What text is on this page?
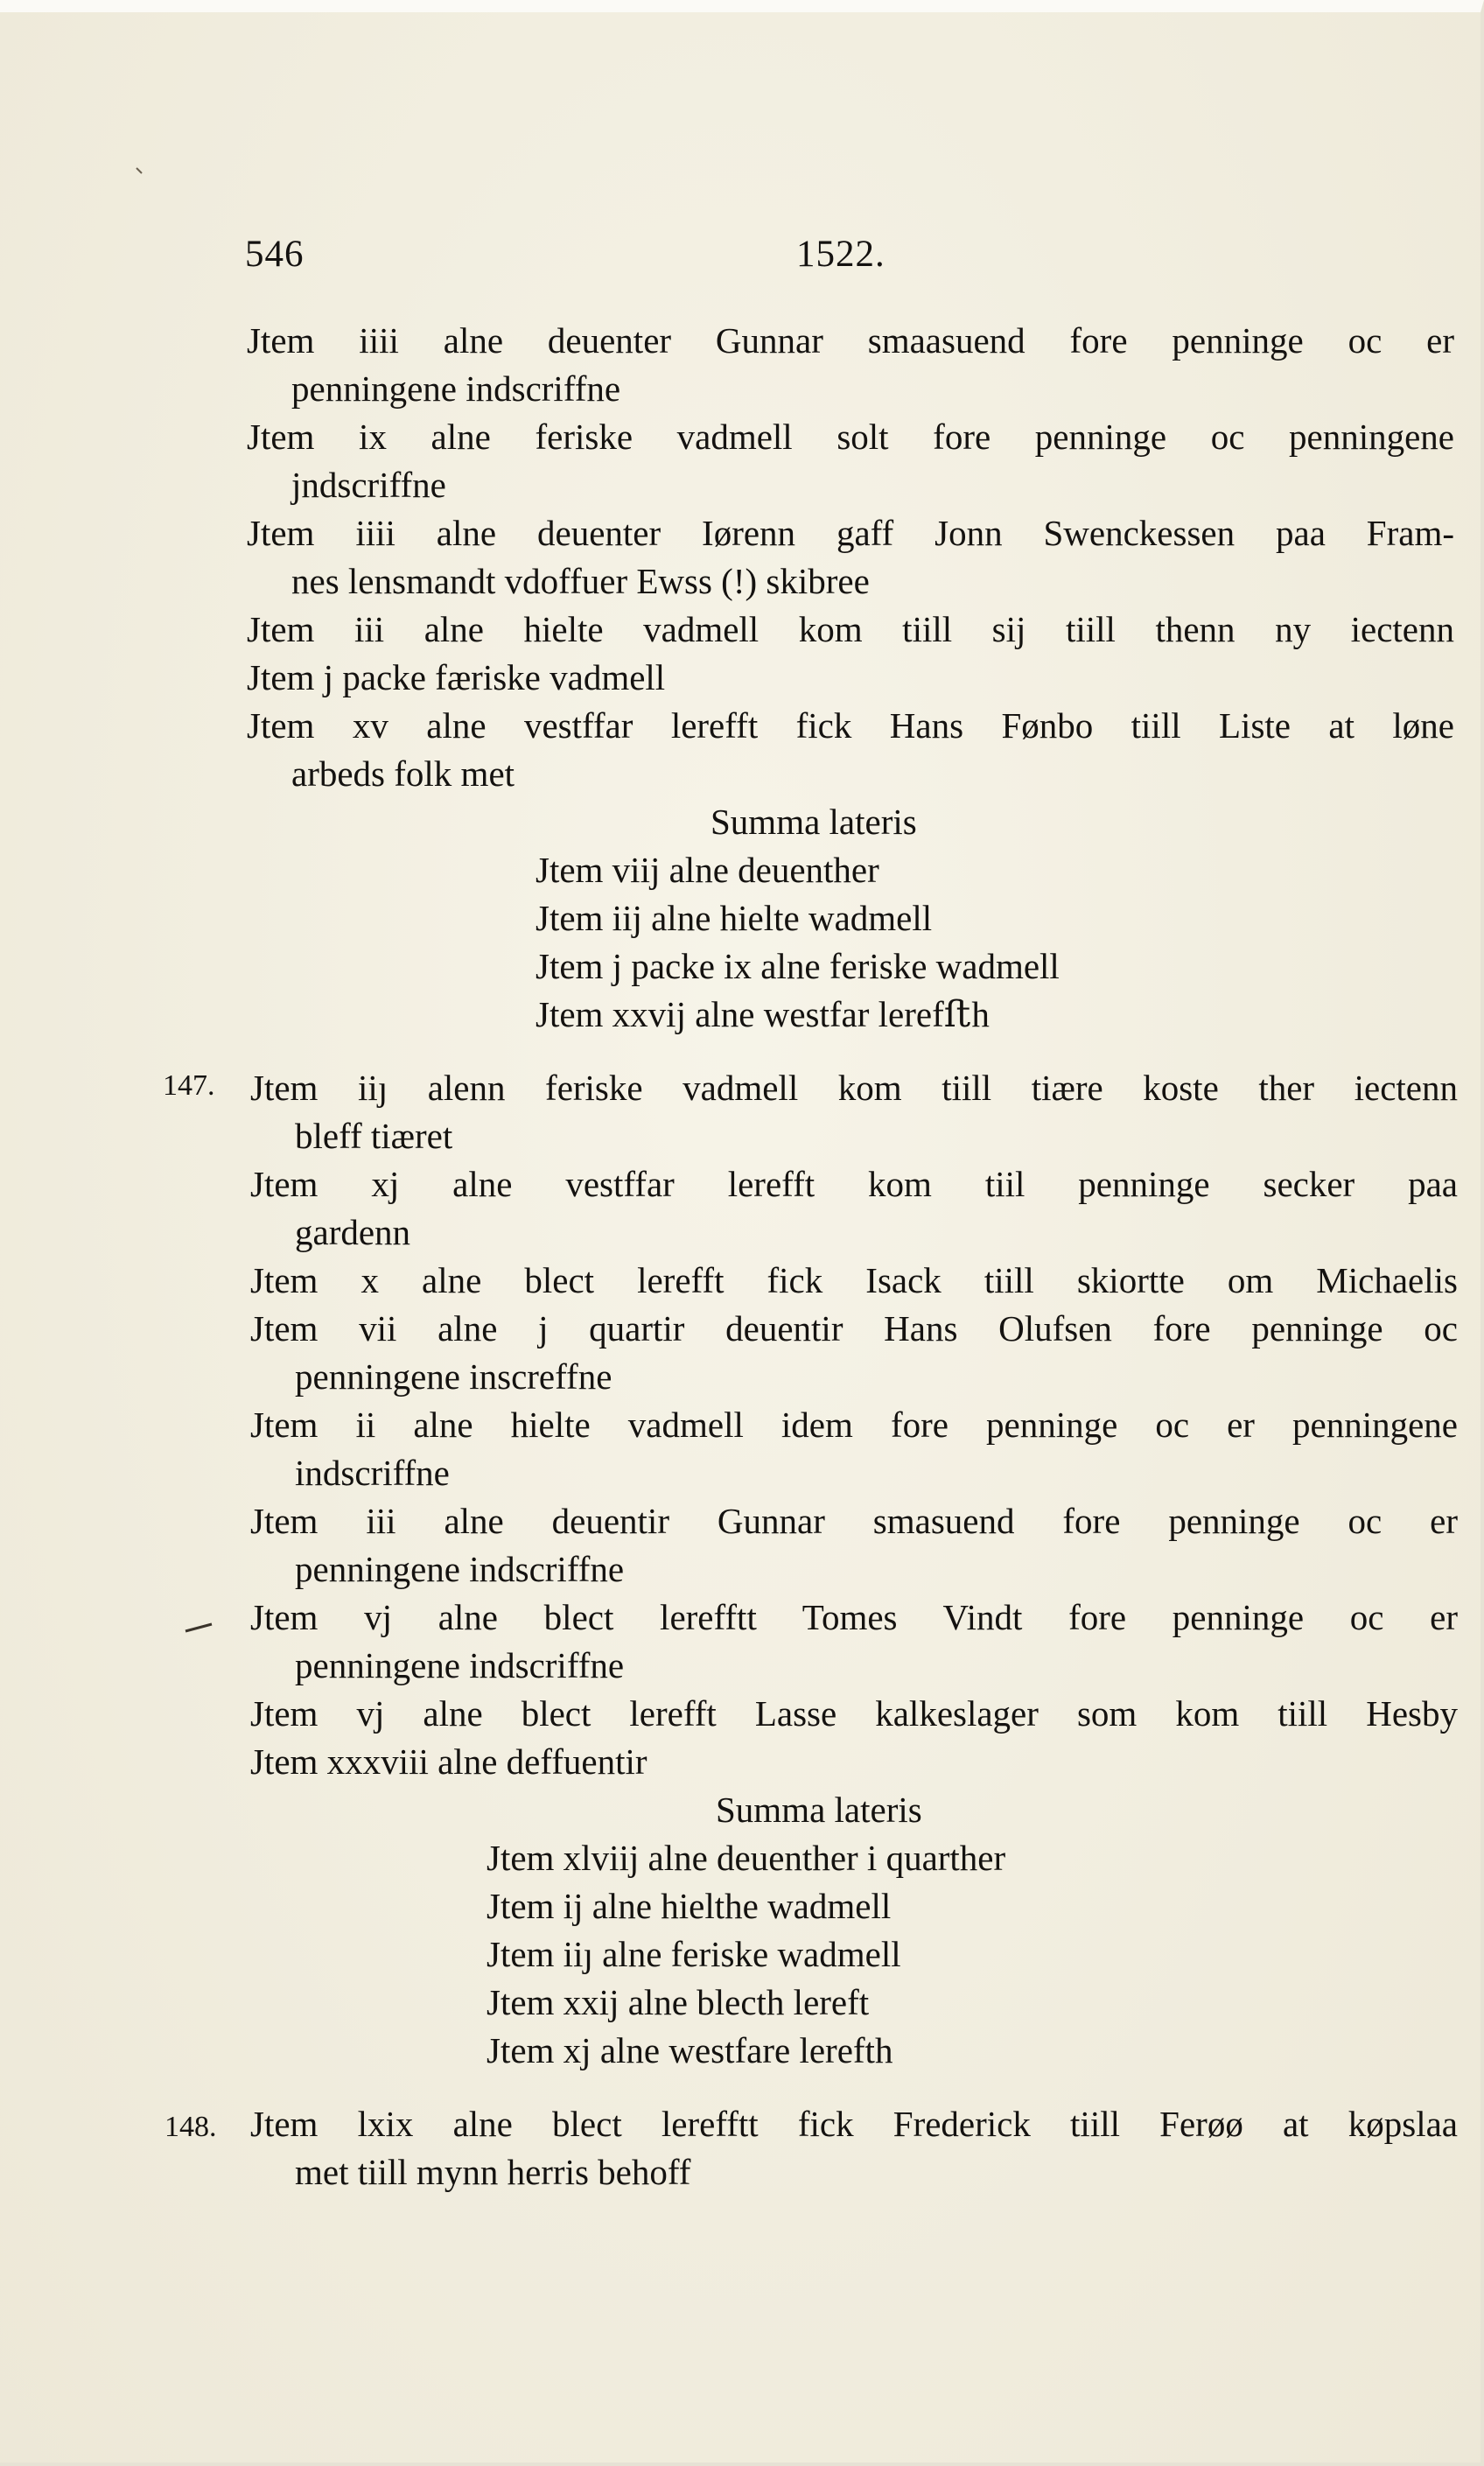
546	1522.
Jtem iiii alne deuenter Gunnar smaasuend fore penninge oc er
penningene indscriffne
Jtem ix alne feriske vadmell solt fore penninge oc penningene
jndscriffne
Jtem iiii alne deuenter Iørenn gaff Jonn Swenckessen paa Fram-
nes lensmandt vdoffuer Ewss (!) skibree
Jtem iii alne hielte vadmell kom tiill sij tiill thenn ny iectenn
Jtem j packe færiske vadmell
Jtem xv alne vestffar lerefft fick Hans Fønbo tiill Liste at løne
arbeds folk met
Summa lateris
Jtem viij alne deuenther
Jtem iij alne hielte wadmell
Jtem j packe ix alne feriske wadmell
Jtem xxvij alne westfar lerefﬅh
147. Jtem iiȷ alenn feriske vadmell kom tiill tiære koste ther iectenn
bleff tiæret
Jtem xj alne vestffar lerefft kom tiil penninge secker paa
gardenn
Jtem x alne blect lerefft fick Isack tiill skiortte om Michaelis
Jtem vii alne j quartir deuentir Hans Olufsen fore penninge oc
penningene inscreffne
Jtem ii alne hielte vadmell idem fore penninge oc er penningene
indscriffne
Jtem iii alne deuentir Gunnar smasuend fore penninge oc er
penningene indscriffne
Jtem vj alne blect lerefftt Tomes Vindt fore penninge oc er
penningene indscriffne
Jtem vj alne blect lerefft Lasse kalkeslager som kom tiill Hesby
Jtem xxxviii alne deffuentir
Summa lateris
Jtem xlviij alne deuenther i quarther
Jtem ij alne hielthe wadmell
Jtem iiȷ alne feriske wadmell
Jtem xxij alne blecth lereft
Jtem xj alne westfare lerefth
148. Jtem lxix alne blect lerefftt fick Frederick tiill Ferøø at køpslaa
met tiill mynn herris behoff
